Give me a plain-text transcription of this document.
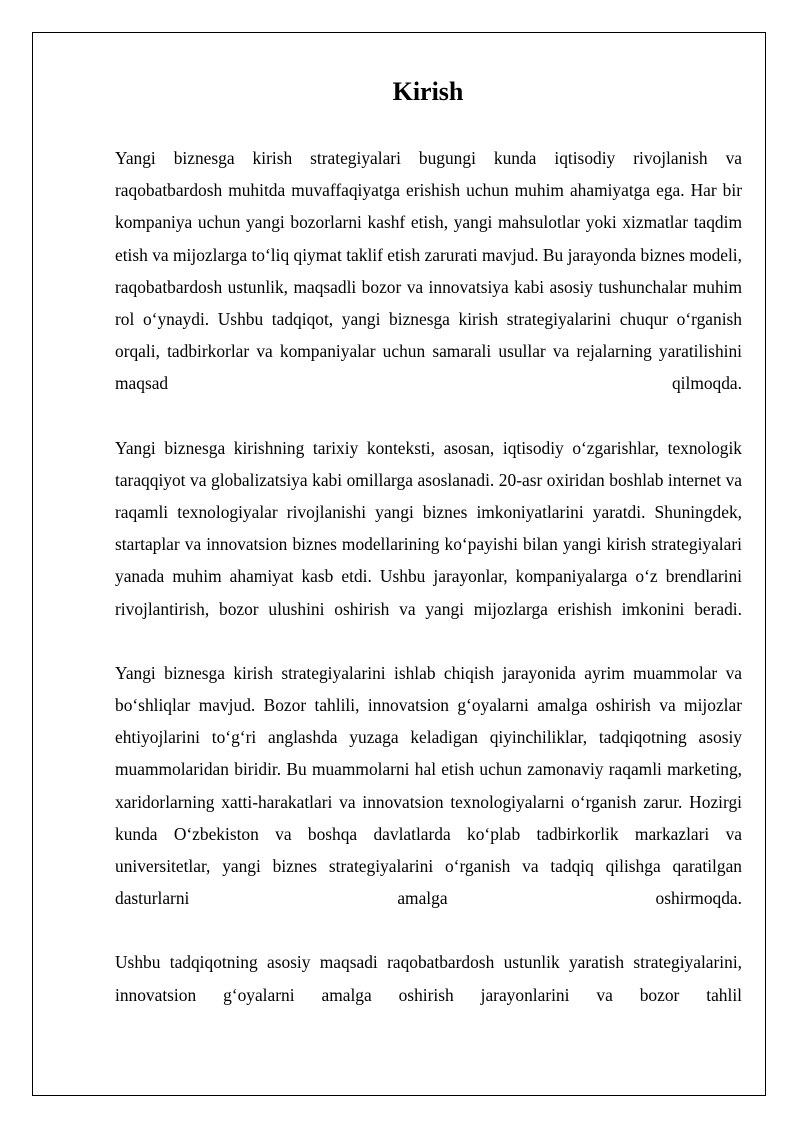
Kirish

Yangi biznesga kirish strategiyalari bugungi kunda iqtisodiy rivojlanish va raqobatbardosh muhitda muvaffaqiyatga erishish uchun muhim ahamiyatga ega. Har bir kompaniya uchun yangi bozorlarni kashf etish, yangi mahsulotlar yoki xizmatlar taqdim etish va mijozlarga to‘liq qiymat taklif etish zarurati mavjud. Bu jarayonda biznes modeli, raqobatbardosh ustunlik, maqsadli bozor va innovatsiya kabi asosiy tushunchalar muhim rol o‘ynaydi. Ushbu tadqiqot, yangi biznesga kirish strategiyalarini chuqur o‘rganish orqali, tadbirkorlar va kompaniyalar uchun samarali usullar va rejalarning yaratilishini maqsad qilmoqda.

Yangi biznesga kirishning tarixiy konteksti, asosan, iqtisodiy o‘zgarishlar, texnologik taraqqiyot va globalizatsiya kabi omillarga asoslanadi. 20-asr oxiridan boshlab internet va raqamli texnologiyalar rivojlanishi yangi biznes imkoniyatlarini yaratdi. Shuningdek, startaplar va innovatsion biznes modellarining ko‘payishi bilan yangi kirish strategiyalari yanada muhim ahamiyat kasb etdi. Ushbu jarayonlar, kompaniyalarga o‘z brendlarini rivojlantirish, bozor ulushini oshirish va yangi mijozlarga erishish imkonini beradi.

Yangi biznesga kirish strategiyalarini ishlab chiqish jarayonida ayrim muammolar va bo‘shliqlar mavjud. Bozor tahlili, innovatsion g‘oyalarni amalga oshirish va mijozlar ehtiyojlarini to‘g‘ri anglashda yuzaga keladigan qiyinchiliklar, tadqiqotning asosiy muammolaridan biridir. Bu muammolarni hal etish uchun zamonaviy raqamli marketing, xaridorlarning xatti-harakatlari va innovatsion texnologiyalarni o‘rganish zarur. Hozirgi kunda O‘zbekiston va boshqa davlatlarda ko‘plab tadbirkorlik markazlari va universitetlar, yangi biznes strategiyalarini o‘rganish va tadqiq qilishga qaratilgan dasturlarni amalga oshirmoqda.

Ushbu tadqiqotning asosiy maqsadi raqobatbardosh ustunlik yaratish strategiyalarini, innovatsion g‘oyalarni amalga oshirish jarayonlarini va bozor tahlil
